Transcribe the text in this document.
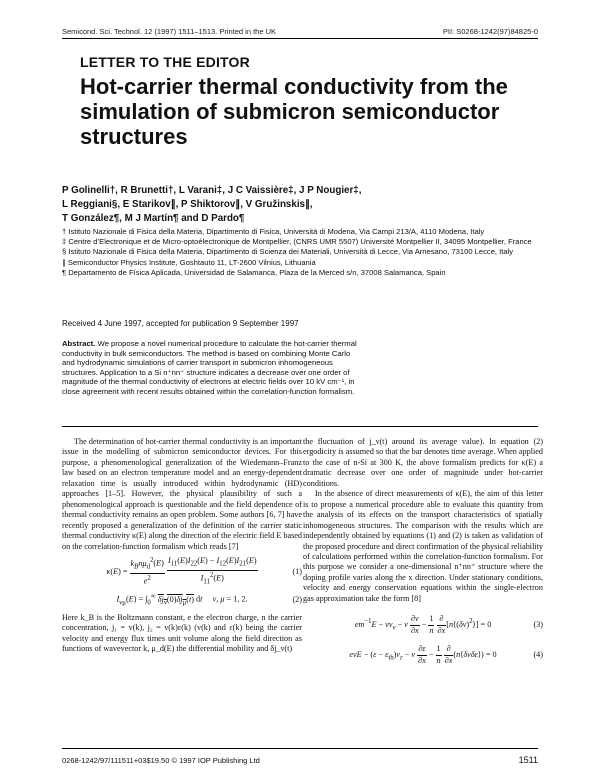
Semicond. Sci. Technol. 12 (1997) 1511–1513. Printed in the UK	PII: S0268-1242(97)84825-0
LETTER TO THE EDITOR
Hot-carrier thermal conductivity from the simulation of submicron semiconductor structures
P Golinelli†, R Brunetti†, L Varani‡, J C Vaissière‡, J P Nougier‡,
L Reggiani§, E Starikov∥, P Shiktorov∥, V Gružinskis∥,
T González¶, M J Martín¶ and D Pardo¶
† Istituto Nazionale di Fisica della Materia, Dipartimento di Fisica, Università di Modena, Via Campi 213/A, 4110 Modena, Italy
‡ Centre d’Electronique et de Micro-optoélectronique de Montpellier, (CNRS UMR 5507) Université Montpellier II, 34095 Montpellier, France
§ Istituto Nazionale di Fisica della Materia, Dipartimento di Scienza dei Materiali, Università di Lecce, Via Arnesano, 73100 Lecce, Italy
∥ Semiconductor Physics Institute, Goshtauto 11, LT-2600 Vilnius, Lithuania
¶ Departamento de Física Aplicada, Universidad de Salamanca, Plaza de la Merced s/n, 37008 Salamanca, Spain
Received 4 June 1997, accepted for publication 9 September 1997
Abstract. We propose a novel numerical procedure to calculate the hot-carrier thermal conductivity in bulk semiconductors. The method is based on combining Monte Carlo and hydrodynamic simulations of carrier transport in submicron inhomogeneous structures. Application to a Si n⁺nn⁺ structure indicates a decrease over one order of magnitude of the thermal conductivity of electrons at electric fields over 10 kV cm⁻¹, in close agreement with recent results obtained within the correlation-function formalism.

The determination of hot-carrier thermal conductivity is an important issue in the modelling of submicron semiconductor devices. For this purpose, a phenomenological generalization of the Wiedemann–Franz law based on an electron temperature model and an energy-dependent relaxation time is usually introduced within hydrodynamic (HD) approaches [1–5]. However, the physical plausibility of such a phenomenological approach is questionable and the field dependence of thermal conductivity remains an open problem. Some authors [6, 7] have recently proposed a generalization of the definition of the carrier static thermal conductivity κ(E) along the direction of the electric field E based on the correlation-function formalism which reads [7]

$\kappa(E) = \frac{k_Bn\mu_d^2(E)}{e^2}$
$\frac{I_{11}(E)I_{22}(E) - I_{12}(E)I_{21}(E)}{I_{11}^2(E)}$	(1)
$I_{\nu\mu}(E) = \int_0^\infty$ $\delta j_\nu(0)\delta j_\mu(t)$ dt ν, μ = 1, 2.	(2)

Here k_B is the Boltzmann constant, e the electron charge, n the carrier concentration, j₁ = v(k), j₂ = v(k)ε(k) (v(k) and ε(k) being the carrier velocity and energy flux times unit volume along the field direction as functions of wavevector k, μ_d(E) the differential mobility and δj_ν(t)

the fluctuation of j_ν(t) around its average value). In equation (2) ergodicity is assumed so that the bar denotes time average. When applied to the case of n-Si at 300 K, the above formalism predicts for κ(E) a dramatic decrease over one order of magnitude under hot-carrier conditions.

In the absence of direct measurements of κ(E), the aim of this letter is to propose a numerical procedure able to evaluate this quantity from the analysis of its effects on the transport characteristics of spatially inhomogeneous structures. The comparison with the results which are independently obtained by equations (1) and (2) is taken as validation of the proposed procedure and direct confirmation of the physical reliability of calculations performed within the correlation-function formalism. For this purpose we consider a one-dimensional n⁺nn⁺ structure where the doping profile varies along the x direction. Under stationary conditions, velocity and energy conservation equations within the single-electron gas approximation take the form [8]

$em^{-1}E - v\nu_v - v \frac{\partial v}{\partial x} - \frac{1}{n}$
$\frac{\partial}{\partial x}$ $[n⟨(\delta v)^2⟩] = 0$	(3)
evE − $(\varepsilon - \varepsilon_{th})\nu_\varepsilon - v \frac{\partial\varepsilon}{\partial x} - \frac{1}{n}$
$\frac{\partial}{\partial x}$ (n⟨δvδε⟩) = 0	(4)
0268-1242/97/111511+03$19.50 © 1997 IOP Publishing Ltd	1511
